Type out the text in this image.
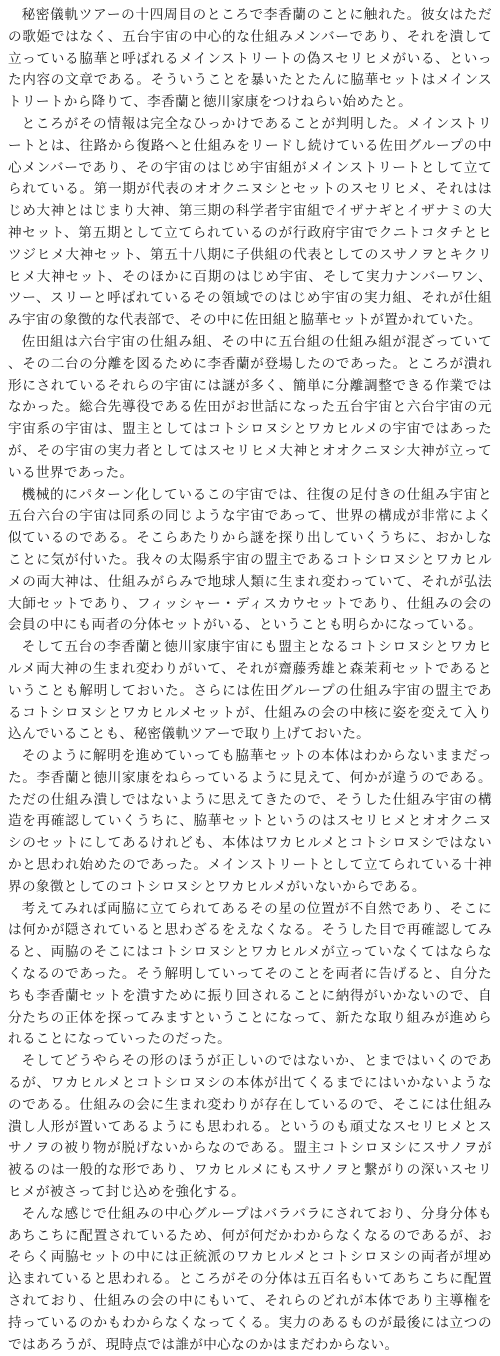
秘密儀軌ツアーの十四周目のところで李香蘭のことに触れた。彼女はただの歌姫ではなく、五台宇宙の中心的な仕組みメンバーであり、それを潰して立っている脇華と呼ばれるメインストリートの偽スセリヒメがいる、といった内容の文章である。そういうことを暴いたとたんに脇華セットはメインストリートから降りて、李香蘭と徳川家康をつけねらい始めたと。

ところがその情報は完全なひっかけであることが判明した。メインストリートとは、往路から復路へと仕組みをリードし続けている佐田グループの中心メンバーであり、その宇宙のはじめ宇宙組がメインストリートとして立てられている。第一期が代表のオオクニヌシとセットのスセリヒメ、それははじめ大神とはじまり大神、第三期の科学者宇宙組でイザナギとイザナミの大神セット、第五期として立てられているのが行政府宇宙でクニトコタチとヒツジヒメ大神セット、第五十八期に子供組の代表としてのスサノヲとキクリヒメ大神セット、そのほかに百期のはじめ宇宙、そして実力ナンバーワン、ツー、スリーと呼ばれているその領域でのはじめ宇宙の実力組、それが仕組み宇宙の象徴的な代表部で、その中に佐田組と脇華セットが置かれていた。

佐田組は六台宇宙の仕組み組、その中に五台組の仕組み組が混ざっていて、その二台の分離を図るために李香蘭が登場したのであった。ところが潰れ形にされているそれらの宇宙には謎が多く、簡単に分離調整できる作業ではなかった。総合先導役である佐田がお世話になった五台宇宙と六台宇宙の元宇宙系の宇宙は、盟主としてはコトシロヌシとワカヒルメの宇宙ではあったが、その宇宙の実力者としてはスセリヒメ大神とオオクニヌシ大神が立っている世界であった。

機械的にパターン化しているこの宇宙では、往復の足付きの仕組み宇宙と五台六台の宇宙は同系の同じような宇宙であって、世界の構成が非常によく似ているのである。そこらあたりから謎を探り出していくうちに、おかしなことに気が付いた。我々の太陽系宇宙の盟主であるコトシロヌシとワカヒルメの両大神は、仕組みがらみで地球人類に生まれ変わっていて、それが弘法大師セットであり、フィッシャー・ディスカウセットであり、仕組みの会の会員の中にも両者の分体セットがいる、ということも明らかになっている。

そして五台の李香蘭と徳川家康宇宙にも盟主となるコトシロヌシとワカヒルメ両大神の生まれ変わりがいて、それが齋藤秀雄と森茉莉セットであるということも解明しておいた。さらには佐田グループの仕組み宇宙の盟主であるコトシロヌシとワカヒルメセットが、仕組みの会の中核に姿を変えて入り込んでいることも、秘密儀軌ツアーで取り上げておいた。

そのように解明を進めていっても脇華セットの本体はわからないままだった。李香蘭と徳川家康をねらっているように見えて、何かが違うのである。ただの仕組み潰しではないように思えてきたので、そうした仕組み宇宙の構造を再確認していくうちに、脇華セットというのはスセリヒメとオオクニヌシのセットにしてあるけれども、本体はワカヒルメとコトシロヌシではないかと思われ始めたのであった。メインストリートとして立てられている十神界の象徴としてのコトシロヌシとワカヒルメがいないからである。

考えてみれば両脇に立てられてあるその星の位置が不自然であり、そこには何かが隠されていると思わざるをえなくなる。そうした目で再確認してみると、両脇のそこにはコトシロヌシとワカヒルメが立っていなくてはならなくなるのであった。そう解明していってそのことを両者に告げると、自分たちも李香蘭セットを潰すために振り回されることに納得がいかないので、自分たちの正体を探ってみますということになって、新たな取り組みが進められることになっていったのだった。

そしてどうやらその形のほうが正しいのではないか、とまではいくのであるが、ワカヒルメとコトシロヌシの本体が出てくるまでにはいかないようなのである。仕組みの会に生まれ変わりが存在しているので、そこには仕組み潰し人形が置いてあるようにも思われる。というのも頑丈なスセリヒメとスサノヲの被り物が脱げないからなのである。盟主コトシロヌシにスサノヲが被るのは一般的な形であり、ワカヒルメにもスサノヲと繋がりの深いスセリヒメが被さって封じ込めを強化する。

そんな感じで仕組みの中心グループはバラバラにされており、分身分体もあちこちに配置されているため、何が何だかわからなくなるのであるが、おそらく両脇セットの中には正統派のワカヒルメとコトシロヌシの両者が埋め込まれていると思われる。ところがその分体は五百名もいてあちこちに配置されており、仕組みの会の中にもいて、それらのどれが本体であり主導権を持っているのかもわからなくなってくる。実力のあるものが最後には立つのではあろうが、現時点では誰が中心なのかはまだわからない。
